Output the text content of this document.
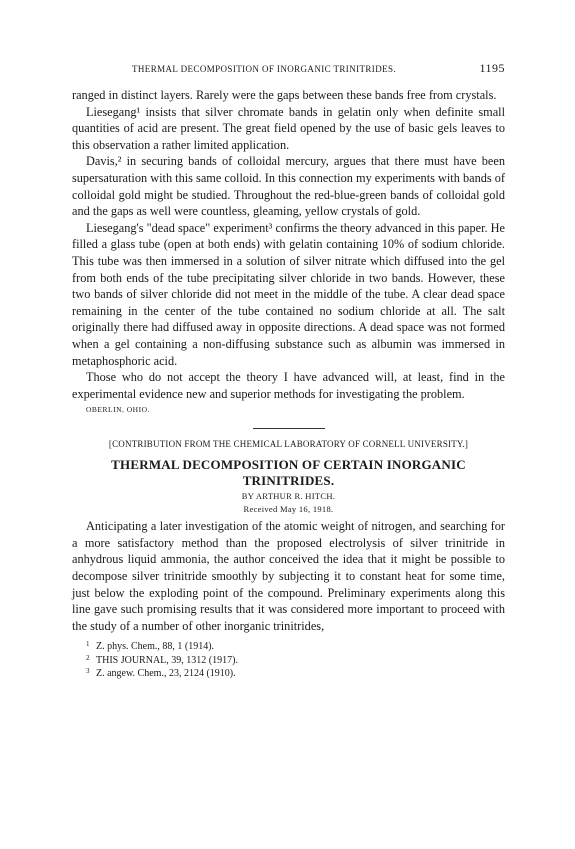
THERMAL DECOMPOSITION OF INORGANIC TRINITRIDES.	1195

ranged in distinct layers. Rarely were the gaps between these bands free from crystals.

Liesegang¹ insists that silver chromate bands in gelatin only when definite small quantities of acid are present. The great field opened by the use of basic gels leaves to this observation a rather limited application.

Davis,² in securing bands of colloidal mercury, argues that there must have been supersaturation with this same colloid. In this connection my experiments with bands of colloidal gold might be studied. Throughout the red-blue-green bands of colloidal gold and the gaps as well were countless, gleaming, yellow crystals of gold.

Liesegang's "dead space" experiment³ confirms the theory advanced in this paper. He filled a glass tube (open at both ends) with gelatin containing 10% of sodium chloride. This tube was then immersed in a solution of silver nitrate which diffused into the gel from both ends of the tube precipitating silver chloride in two bands. However, these two bands of silver chloride did not meet in the middle of the tube. A clear dead space remaining in the center of the tube contained no sodium chloride at all. The salt originally there had diffused away in opposite directions. A dead space was not formed when a gel containing a non-diffusing substance such as albumin was immersed in metaphosphoric acid.

Those who do not accept the theory I have advanced will, at least, find in the experimental evidence new and superior methods for investigating the problem.

OBERLIN, OHIO.
[CONTRIBUTION FROM THE CHEMICAL LABORATORY OF CORNELL UNIVERSITY.]
THERMAL DECOMPOSITION OF CERTAIN INORGANIC TRINITRIDES.
BY ARTHUR R. HITCH.
Received May 16, 1918.

Anticipating a later investigation of the atomic weight of nitrogen, and searching for a more satisfactory method than the proposed electrolysis of silver trinitride in anhydrous liquid ammonia, the author conceived the idea that it might be possible to decompose silver trinitride smoothly by subjecting it to constant heat for some time, just below the exploding point of the compound. Preliminary experiments along this line gave such promising results that it was considered more important to proceed with the study of a number of other inorganic trinitrides,

1 Z. phys. Chem., 88, 1 (1914).
2 THIS JOURNAL, 39, 1312 (1917).
3 Z. angew. Chem., 23, 2124 (1910).
